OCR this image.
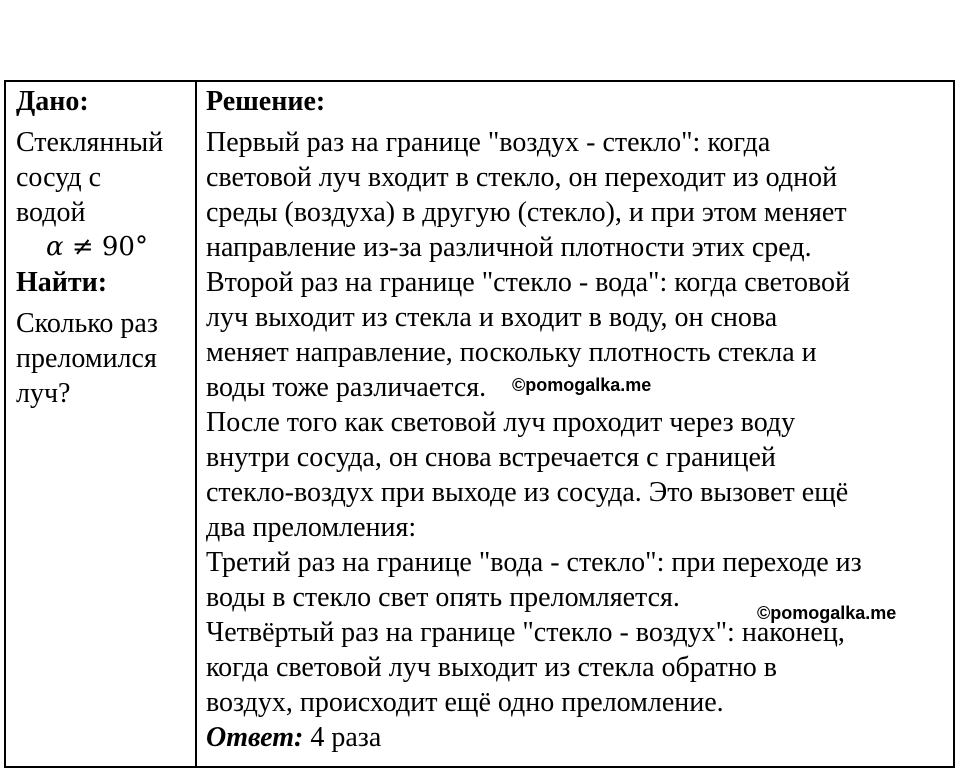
Дано:

Стеклянный

сосуд с

водой

α ≠ 90°

Найти:

Сколько раз

преломился

луч?

Решение:

Первый раз на границе "воздух - стекло": когда

световой луч входит в стекло, он переходит из одной

среды (воздуха) в другую (стекло), и при этом меняет

направление из-за различной плотности этих сред.

Второй раз на границе "стекло - вода": когда световой

луч выходит из стекла и входит в воду, он снова

меняет направление, поскольку плотность стекла и

воды тоже различается.

После того как световой луч проходит через воду

внутри сосуда, он снова встречается с границей

стекло-воздух при выходе из сосуда. Это вызовет ещё

два преломления:

Третий раз на границе "вода - стекло": при переходе из

воды в стекло свет опять преломляется.

Четвёртый раз на границе "стекло - воздух": наконец,

когда световой луч выходит из стекла обратно в

воздух, происходит ещё одно преломление.

Ответ: 4 раза

©pomogalka.me
©pomogalka.me
